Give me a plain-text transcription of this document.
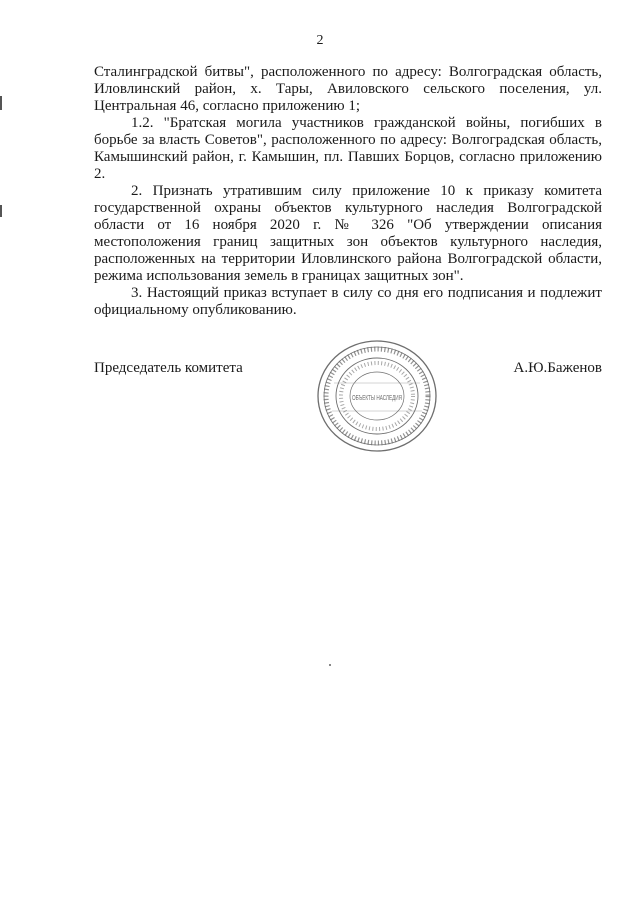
2

Сталинградской битвы", расположенного по адресу: Волгоградская область, Иловлинский район, х. Тары, Авиловского сельского поселения, ул. Центральная 46, согласно приложению 1;

1.2. "Братская могила участников гражданской войны, погибших в борьбе за власть Советов", расположенного по адресу: Волгоградская область, Камышинский район, г. Камышин, пл. Павших Борцов, согласно приложению 2.

2. Признать утратившим силу приложение 10 к приказу комитета государственной охраны объектов культурного наследия Волгоградской области от 16 ноября 2020 г. № 326 "Об утверждении описания местоположения границ защитных зон объектов культурного наследия, расположенных на территории Иловлинского района Волгоградской области, режима использования земель в границах защитных зон".

3. Настоящий приказ вступает в силу со дня его подписания и подлежит официальному опубликованию.

Председатель комитета	А.Ю.Баженов
ОБЪЕКТЫ НАСЛЕДИЯ
